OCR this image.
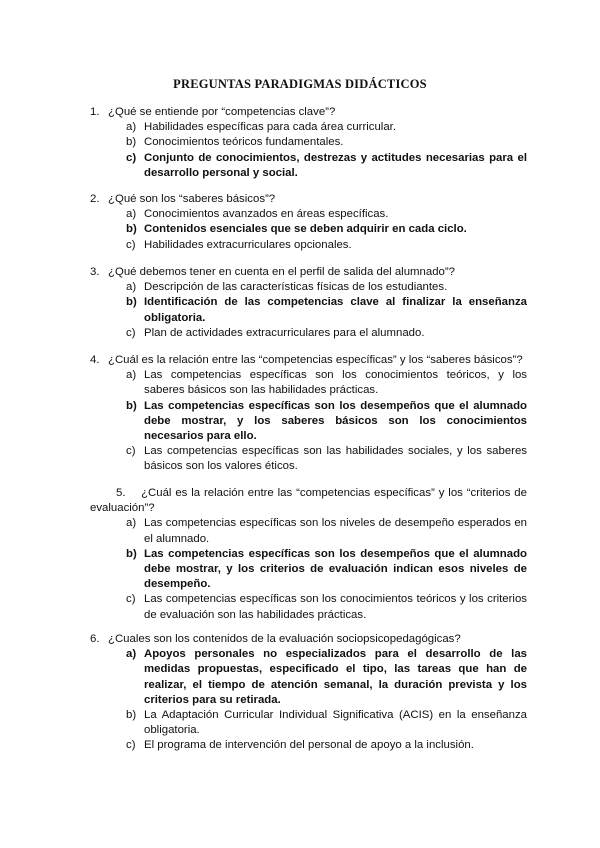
PREGUNTAS PARADIGMAS DIDÁCTICOS
1. ¿Qué se entiende por “competencias clave”?
a) Habilidades específicas para cada área curricular.
b) Conocimientos teóricos fundamentales.
c) Conjunto de conocimientos, destrezas y actitudes necesarias para el desarrollo personal y social.
2. ¿Qué son los “saberes básicos”?
a) Conocimientos avanzados en áreas específicas.
b) Contenidos esenciales que se deben adquirir en cada ciclo.
c) Habilidades extracurriculares opcionales.
3. ¿Qué debemos tener en cuenta en el perfil de salida del alumnado”?
a) Descripción de las características físicas de los estudiantes.
b) Identificación de las competencias clave al finalizar la enseñanza obligatoria.
c) Plan de actividades extracurriculares para el alumnado.
4. ¿Cuál es la relación entre las “competencias específicas” y los “saberes básicos”?
a) Las competencias específicas son los conocimientos teóricos, y los saberes básicos son las habilidades prácticas.
b) Las competencias específicas son los desempeños que el alumnado debe mostrar, y los saberes básicos son los conocimientos necesarios para ello.
c) Las competencias específicas son las habilidades sociales, y los saberes básicos son los valores éticos.
5. ¿Cuál es la relación entre las “competencias específicas” y los “criterios de evaluación”?
a) Las competencias específicas son los niveles de desempeño esperados en el alumnado.
b) Las competencias específicas son los desempeños que el alumnado debe mostrar, y los criterios de evaluación indican esos niveles de desempeño.
c) Las competencias específicas son los conocimientos teóricos y los criterios de evaluación son las habilidades prácticas.
6. ¿Cuales son los contenidos de la evaluación sociopsicopedagógicas?
a) Apoyos personales no especializados para el desarrollo de las medidas propuestas, especificado el tipo, las tareas que han de realizar, el tiempo de atención semanal, la duración prevista y los criterios para su retirada.
b) La Adaptación Curricular Individual Significativa (ACIS) en la enseñanza obligatoria.
c) El programa de intervención del personal de apoyo a la inclusión.
